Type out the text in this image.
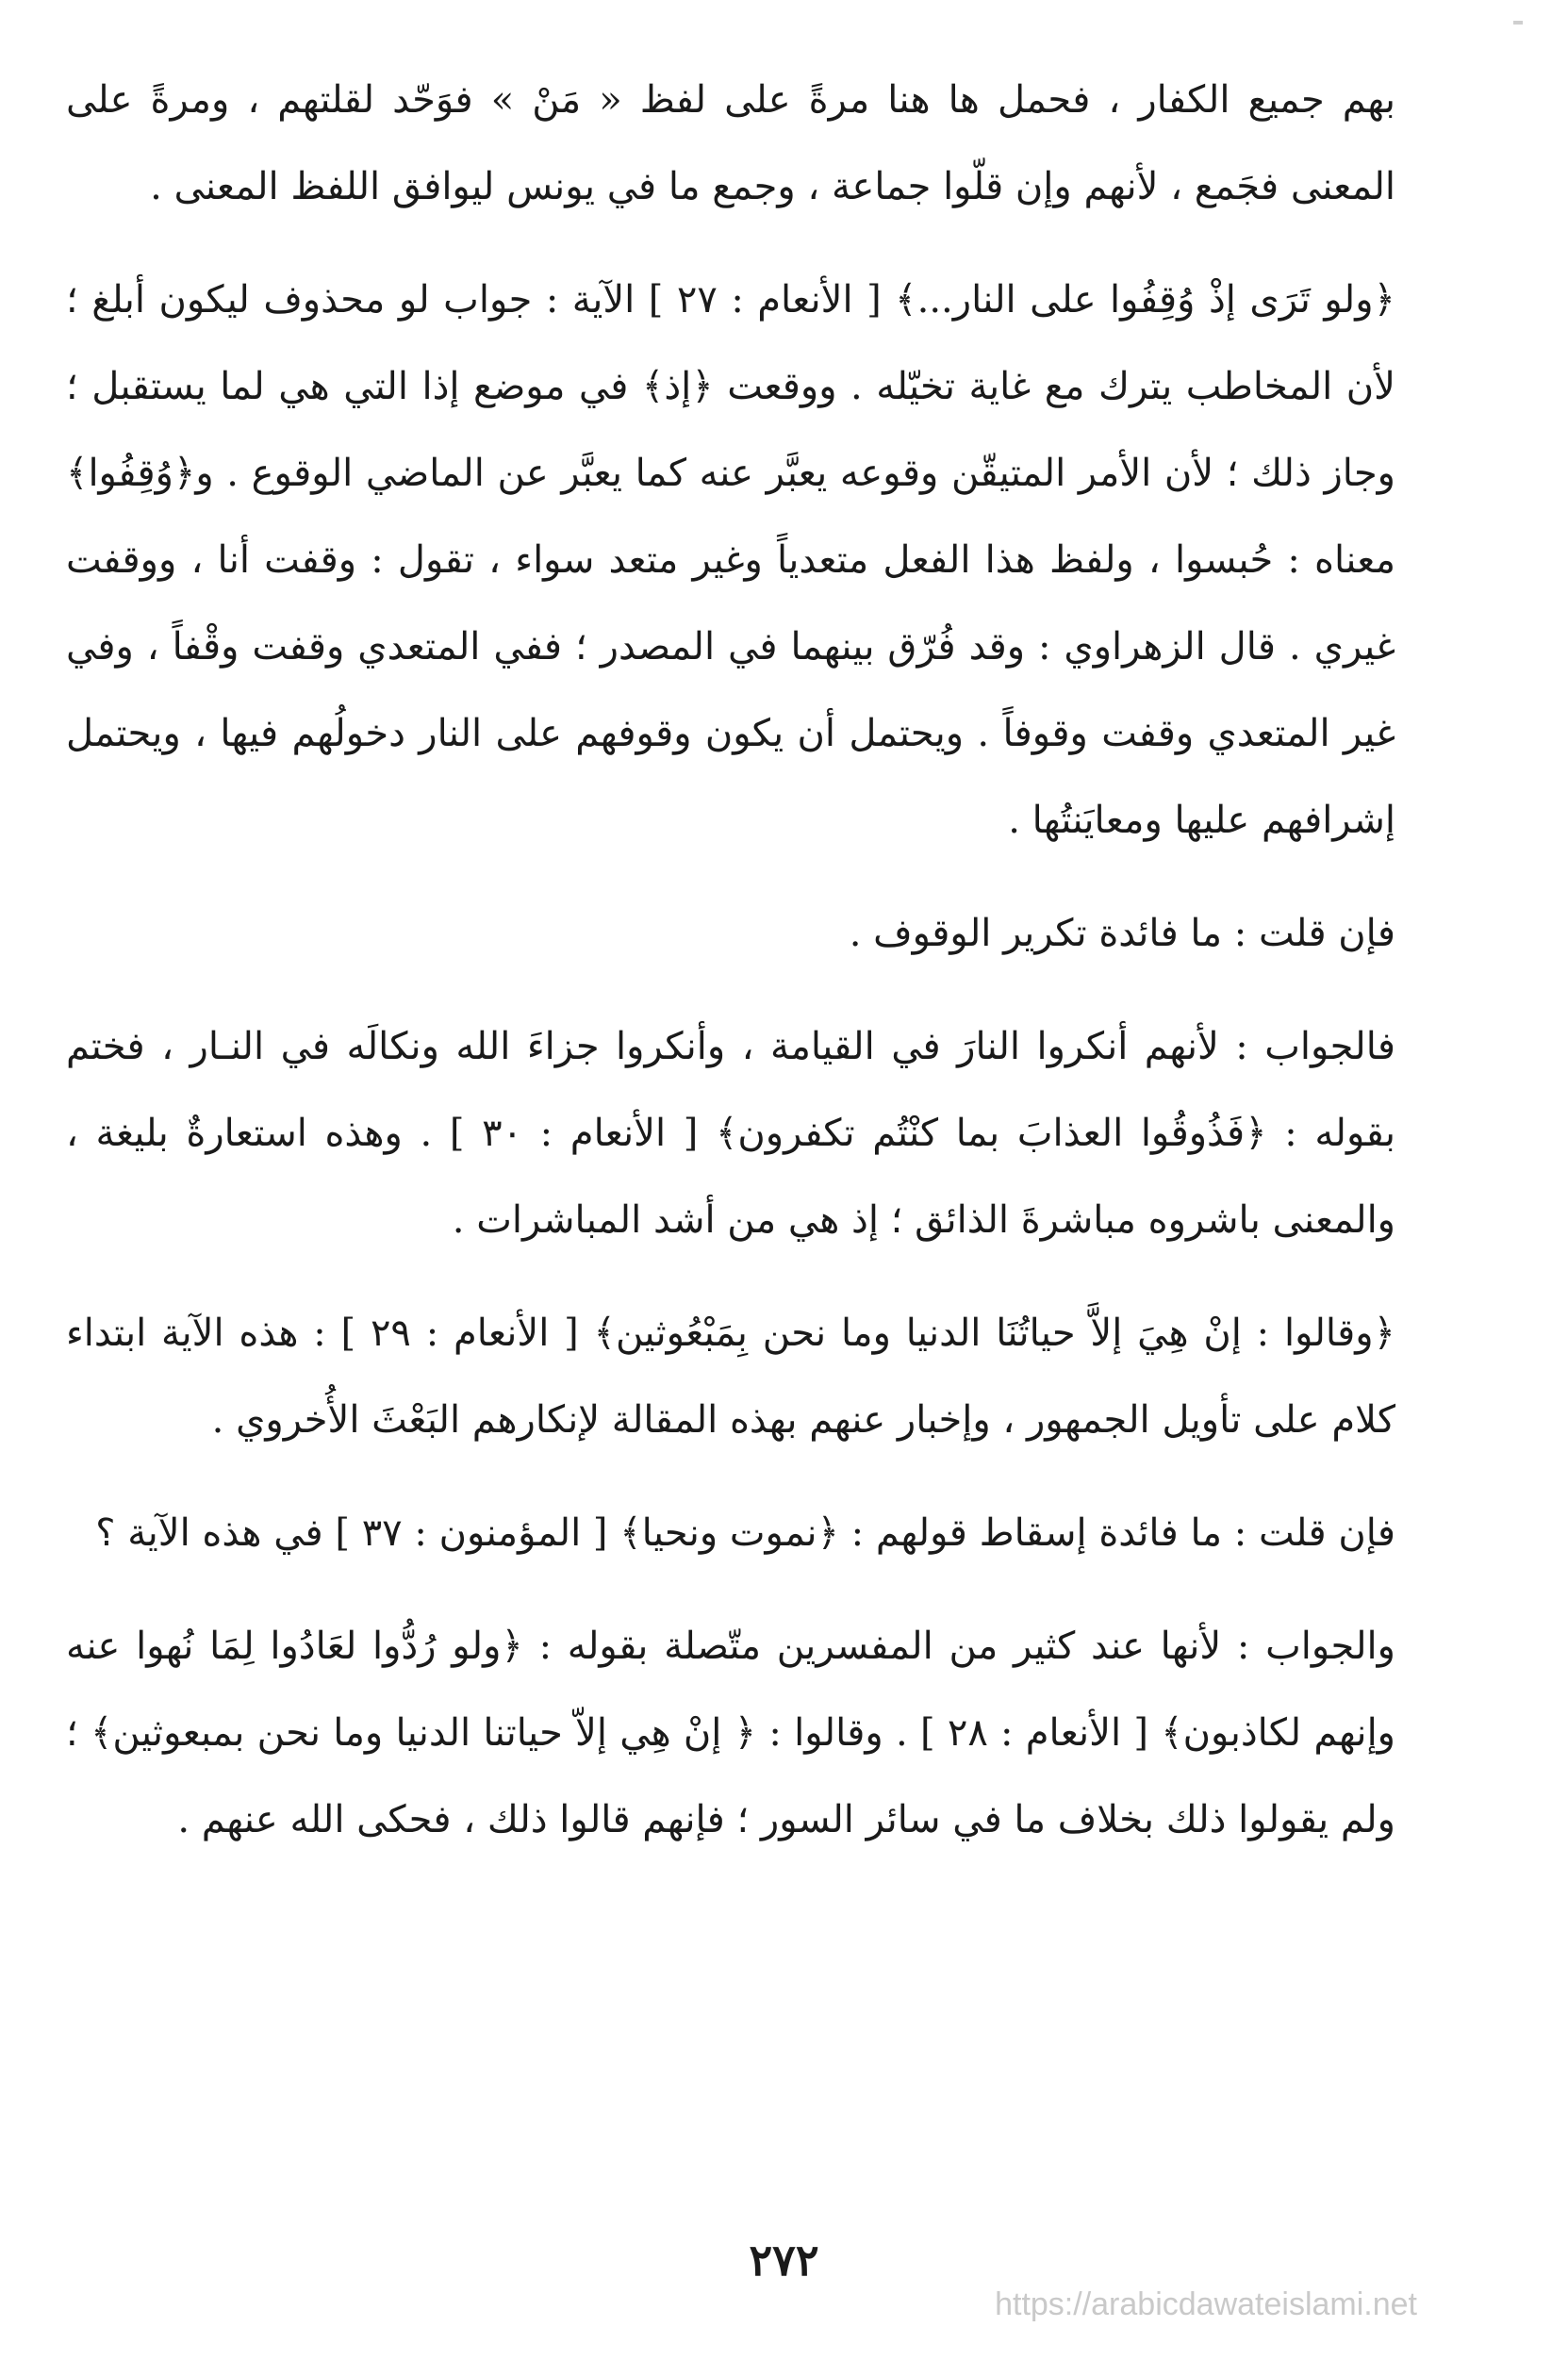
بهم جميع الكفار ، فحمل ها هنا مرةً على لفظ « مَنْ » فوَحّد لقلتهم ، ومرةً على المعنى فجَمع ، لأنهم وإن قلّوا جماعة ، وجمع ما في يونس ليوافق اللفظ المعنى .

﴿ولو تَرَى إذْ وُقِفُوا على النار...﴾ [ الأنعام : ٢٧ ] الآية : جواب لو محذوف ليكون أبلغ ؛ لأن المخاطب يترك مع غاية تخيّله . ووقعت ﴿إذ﴾ في موضع إذا التي هي لما يستقبل ؛ وجاز ذلك ؛ لأن الأمر المتيقّن وقوعه يعبَّر عنه كما يعبَّر عن الماضي الوقوع . و﴿وُقِفُوا﴾ معناه : حُبسوا ، ولفظ هذا الفعل متعدياً وغير متعد سواء ، تقول : وقفت أنا ، ووقفت غيري . قال الزهراوي : وقد فُرّق بينهما في المصدر ؛ ففي المتعدي وقفت وقْفاً ، وفي غير المتعدي وقفت وقوفاً . ويحتمل أن يكون وقوفهم على النار دخولُهم فيها ، ويحتمل إشرافهم عليها ومعايَنتُها .

فإن قلت : ما فائدة تكرير الوقوف .

فالجواب : لأنهم أنكروا النارَ في القيامة ، وأنكروا جزاءَ الله ونكالَه في النـار ، فختم بقوله : ﴿فَذُوقُوا العذابَ بما كنْتُم تكفرون﴾ [ الأنعام : ٣٠ ] . وهذه استعارةٌ بليغة ، والمعنى باشروه مباشرةَ الذائق ؛ إذ هي من أشد المباشرات .

﴿وقالوا : إنْ هِيَ إلاَّ حياتُنَا الدنيا وما نحن بِمَبْعُوثين﴾ [ الأنعام : ٢٩ ] : هذه الآية ابتداء كلام على تأويل الجمهور ، وإخبار عنهم بهذه المقالة لإنكارهم البَعْثَ الأُخروي .

فإن قلت : ما فائدة إسقاط قولهم : ﴿نموت ونحيا﴾ [ المؤمنون : ٣٧ ] في هذه الآية ؟

والجواب : لأنها عند كثير من المفسرين متّصلة بقوله : ﴿ولو رُدُّوا لعَادُوا لِمَا نُهوا عنه وإنهم لكاذبون﴾ [ الأنعام : ٢٨ ] . وقالوا : ﴿ إنْ هِي إلاّ حياتنا الدنيا وما نحن بمبعوثين﴾ ؛ ولم يقولوا ذلك بخلاف ما في سائر السور ؛ فإنهم قالوا ذلك ، فحكى الله عنهم .

٢٧٢
https://arabicdawateislami.net
